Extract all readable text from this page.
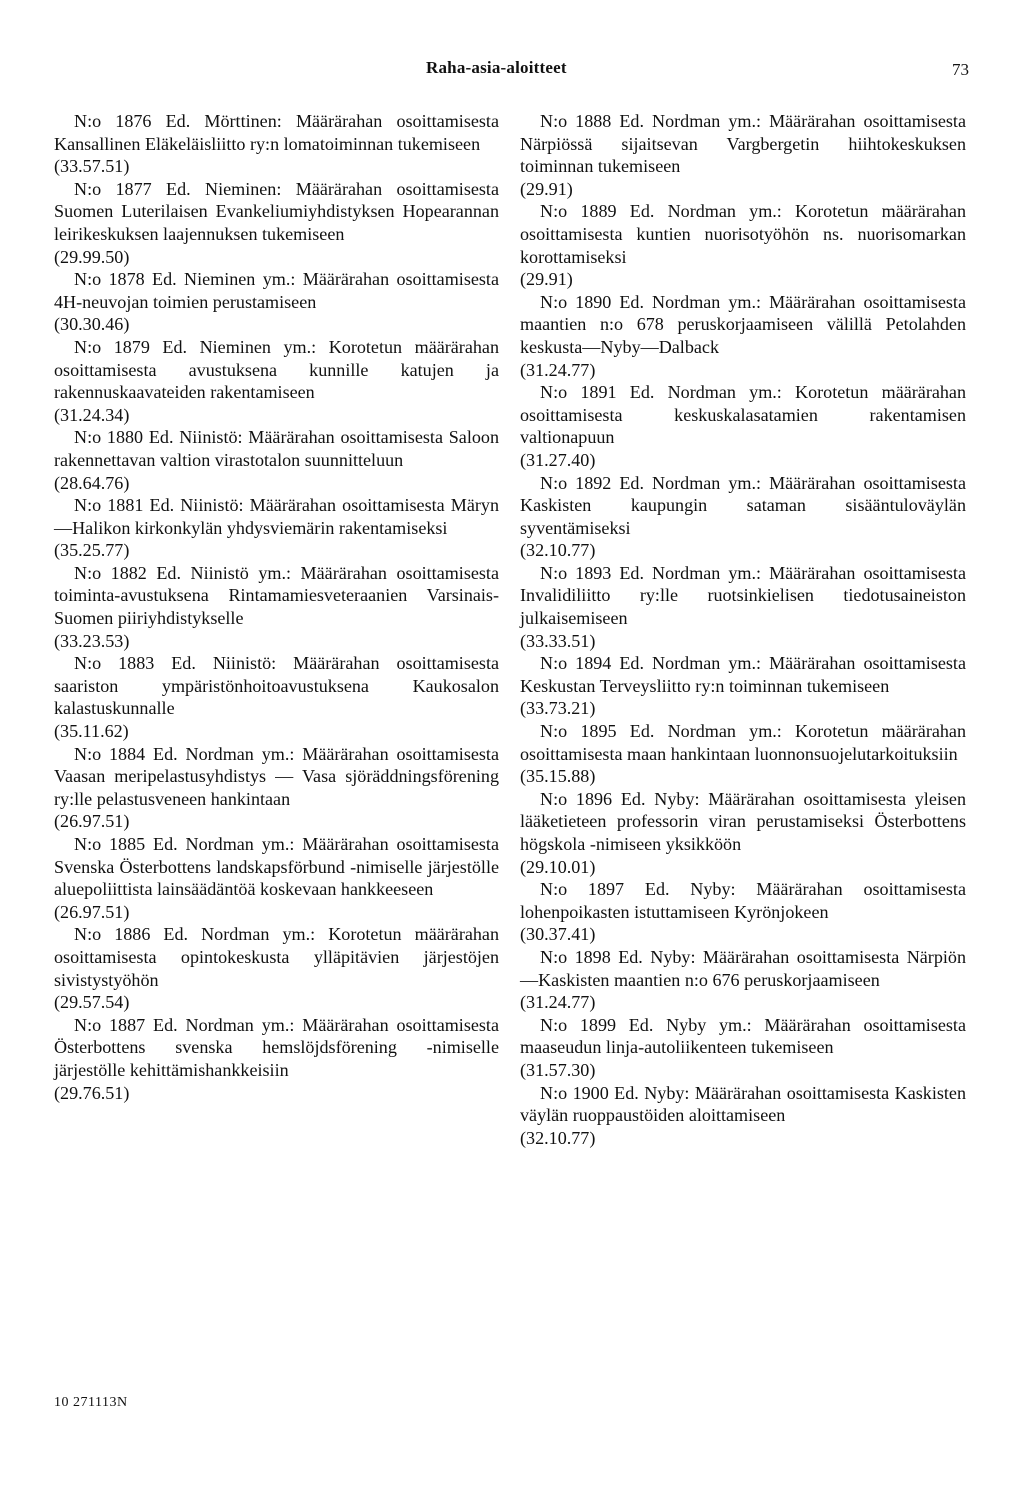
Raha-asia-aloitteet	73

N:o 1876 Ed. Mörttinen: Määrärahan osoittamisesta Kansallinen Eläkeläisliitto ry:n lomatoiminnan tukemiseen

(33.57.51)

N:o 1877 Ed. Nieminen: Määrärahan osoittamisesta Suomen Luterilaisen Evankeliumiyhdistyksen Hopearannan leirikeskuksen laajennuksen tukemiseen

(29.99.50)

N:o 1878 Ed. Nieminen ym.: Määrärahan osoittamisesta 4H-neuvojan toimien perustamiseen

(30.30.46)

N:o 1879 Ed. Nieminen ym.: Korotetun määrärahan osoittamisesta avustuksena kunnille katujen ja rakennuskaavateiden rakentamiseen

(31.24.34)

N:o 1880 Ed. Niinistö: Määrärahan osoittamisesta Saloon rakennettavan valtion virastotalon suunnitteluun

(28.64.76)

N:o 1881 Ed. Niinistö: Määrärahan osoittamisesta Märyn—Halikon kirkonkylän yhdysviemärin rakentamiseksi

(35.25.77)

N:o 1882 Ed. Niinistö ym.: Määrärahan osoittamisesta toiminta-avustuksena Rintamamiesveteraanien Varsinais-Suomen piiriyhdistykselle

(33.23.53)

N:o 1883 Ed. Niinistö: Määrärahan osoittamisesta saariston ympäristönhoitoavustuksena Kaukosalon kalastuskunnalle

(35.11.62)

N:o 1884 Ed. Nordman ym.: Määrärahan osoittamisesta Vaasan meripelastusyhdistys — Vasa sjöräddningsförening ry:lle pelastusveneen hankintaan

(26.97.51)

N:o 1885 Ed. Nordman ym.: Määrärahan osoittamisesta Svenska Österbottens landskapsförbund -nimiselle järjestölle aluepoliittista lainsäädäntöä koskevaan hankkeeseen

(26.97.51)

N:o 1886 Ed. Nordman ym.: Korotetun määrärahan osoittamisesta opintokeskusta ylläpitävien järjestöjen sivistystyöhön

(29.57.54)

N:o 1887 Ed. Nordman ym.: Määrärahan osoittamisesta Österbottens svenska hemslöjdsförening -nimiselle järjestölle kehittämishankkeisiin

(29.76.51)

N:o 1888 Ed. Nordman ym.: Määrärahan osoittamisesta Närpiössä sijaitsevan Vargbergetin hiihtokeskuksen toiminnan tukemiseen

(29.91)

N:o 1889 Ed. Nordman ym.: Korotetun määrärahan osoittamisesta kuntien nuorisotyöhön ns. nuorisomarkan korottamiseksi

(29.91)

N:o 1890 Ed. Nordman ym.: Määrärahan osoittamisesta maantien n:o 678 peruskorjaamiseen välillä Petolahden keskusta—Nyby—Dalback

(31.24.77)

N:o 1891 Ed. Nordman ym.: Korotetun määrärahan osoittamisesta keskuskalasatamien rakentamisen valtionapuun

(31.27.40)

N:o 1892 Ed. Nordman ym.: Määrärahan osoittamisesta Kaskisten kaupungin sataman sisääntuloväylän syventämiseksi

(32.10.77)

N:o 1893 Ed. Nordman ym.: Määrärahan osoittamisesta Invalidiliitto ry:lle ruotsinkielisen tiedotusaineiston julkaisemiseen

(33.33.51)

N:o 1894 Ed. Nordman ym.: Määrärahan osoittamisesta Keskustan Terveysliitto ry:n toiminnan tukemiseen

(33.73.21)

N:o 1895 Ed. Nordman ym.: Korotetun määrärahan osoittamisesta maan hankintaan luonnonsuojelutarkoituksiin

(35.15.88)

N:o 1896 Ed. Nyby: Määrärahan osoittamisesta yleisen lääketieteen professorin viran perustamiseksi Österbottens högskola -nimiseen yksikköön

(29.10.01)

N:o 1897 Ed. Nyby: Määrärahan osoittamisesta lohenpoikasten istuttamiseen Kyrönjokeen

(30.37.41)

N:o 1898 Ed. Nyby: Määrärahan osoittamisesta Närpiön—Kaskisten maantien n:o 676 peruskorjaamiseen

(31.24.77)

N:o 1899 Ed. Nyby ym.: Määrärahan osoittamisesta maaseudun linja-autoliikenteen tukemiseen

(31.57.30)

N:o 1900 Ed. Nyby: Määrärahan osoittamisesta Kaskisten väylän ruoppaustöiden aloittamiseen

(32.10.77)
10 271113N
